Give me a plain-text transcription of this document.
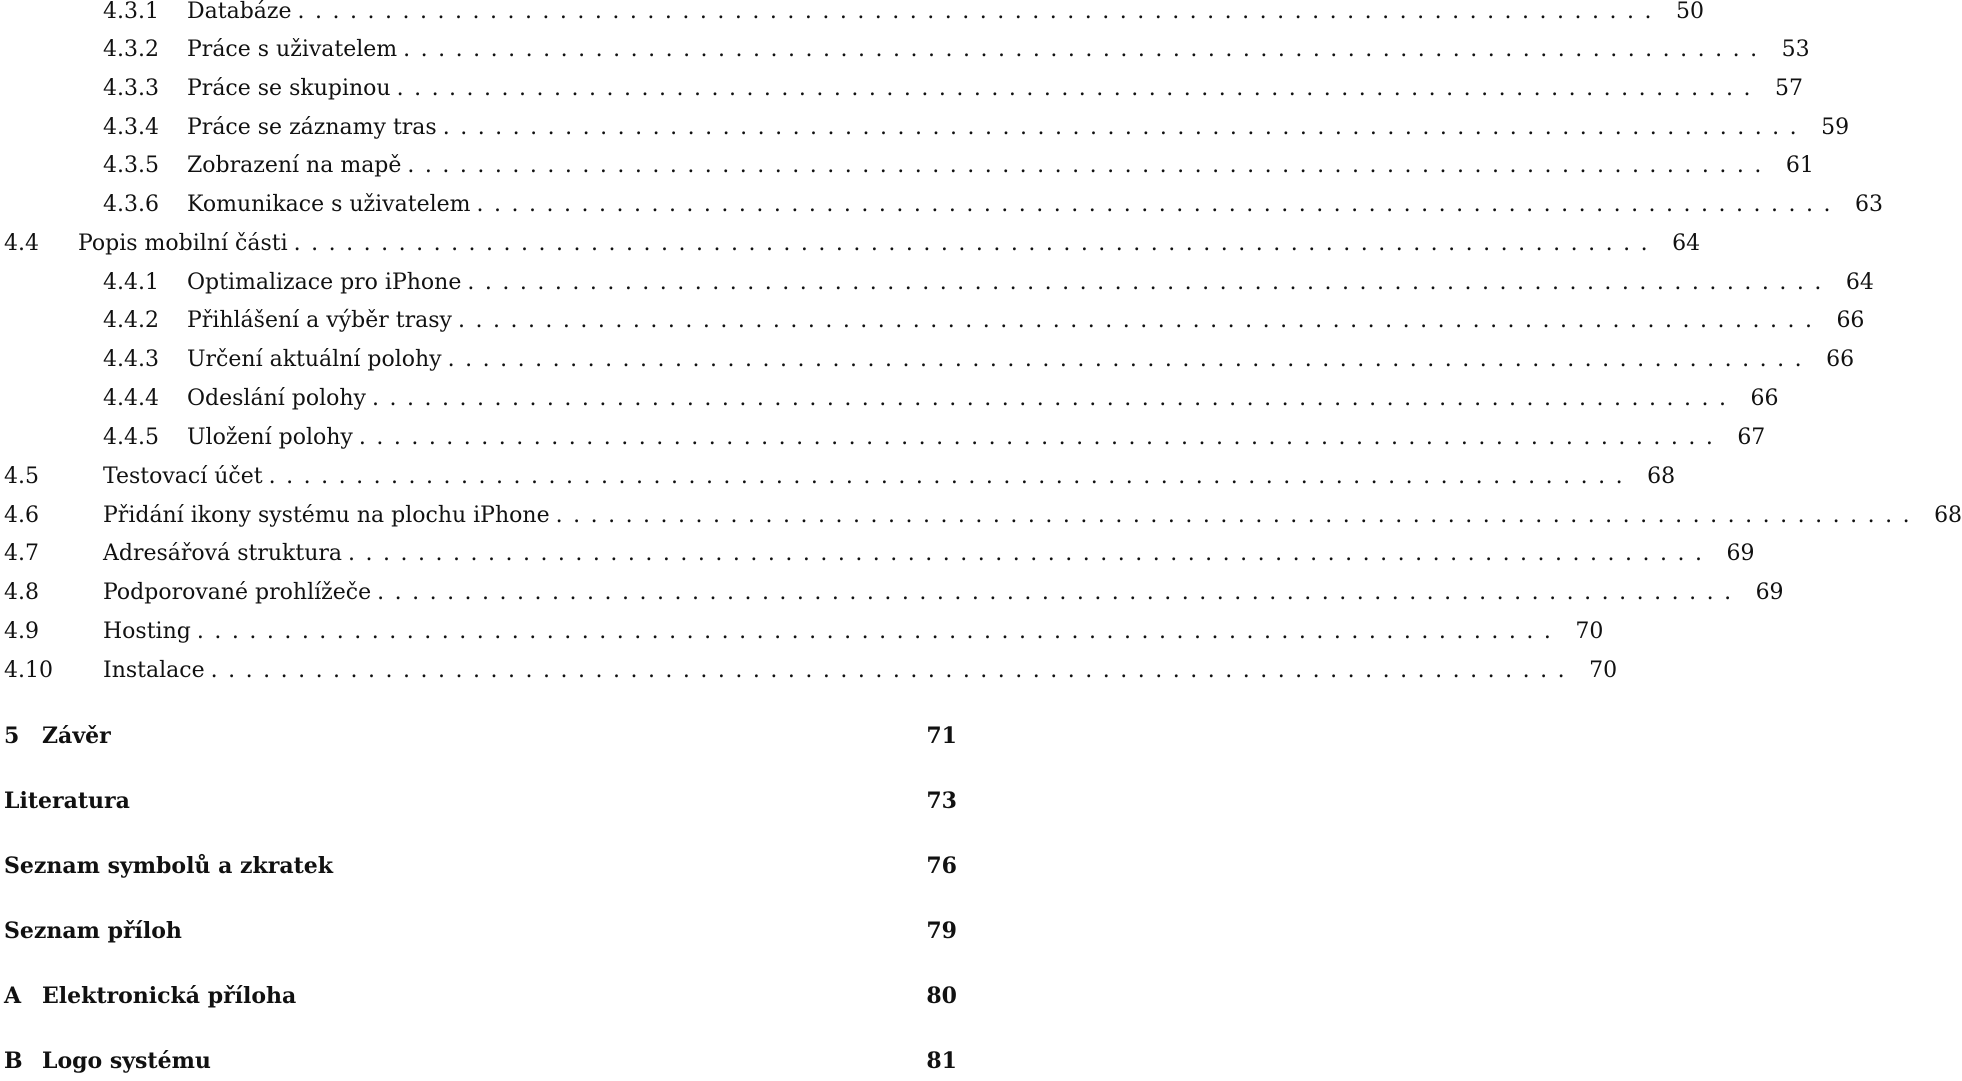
4.3.1	Databáze .............................................................................. 50
4.3.2	Práce s uživatelem .............................................................................. 53
4.3.3	Práce se skupinou .............................................................................. 57
4.3.4	Práce se záznamy tras .............................................................................. 59
4.3.5	Zobrazení na mapě .............................................................................. 61
4.3.6	Komunikace s uživatelem .............................................................................. 63
4.4 Popis mobilní části .............................................................................. 64
4.4.1	Optimalizace pro iPhone .............................................................................. 64
4.4.2	Přihlášení a výběr trasy .............................................................................. 66
4.4.3	Určení aktuální polohy .............................................................................. 66
4.4.4	Odeslání polohy .............................................................................. 66
4.4.5	Uložení polohy .............................................................................. 67
4.5	Testovací účet .............................................................................. 68
4.6	Přidání ikony systému na plochu iPhone .............................................................................. 68
4.7	Adresářová struktura .............................................................................. 69
4.8	Podporované prohlížeče .............................................................................. 69
4.9	Hosting .............................................................................. 70
4.10	Instalace .............................................................................. 70
5	Závěr	71
Literatura	73
Seznam symbolů a zkratek	76
Seznam příloh	79
A Elektronická příloha	80
B Logo systému	81
